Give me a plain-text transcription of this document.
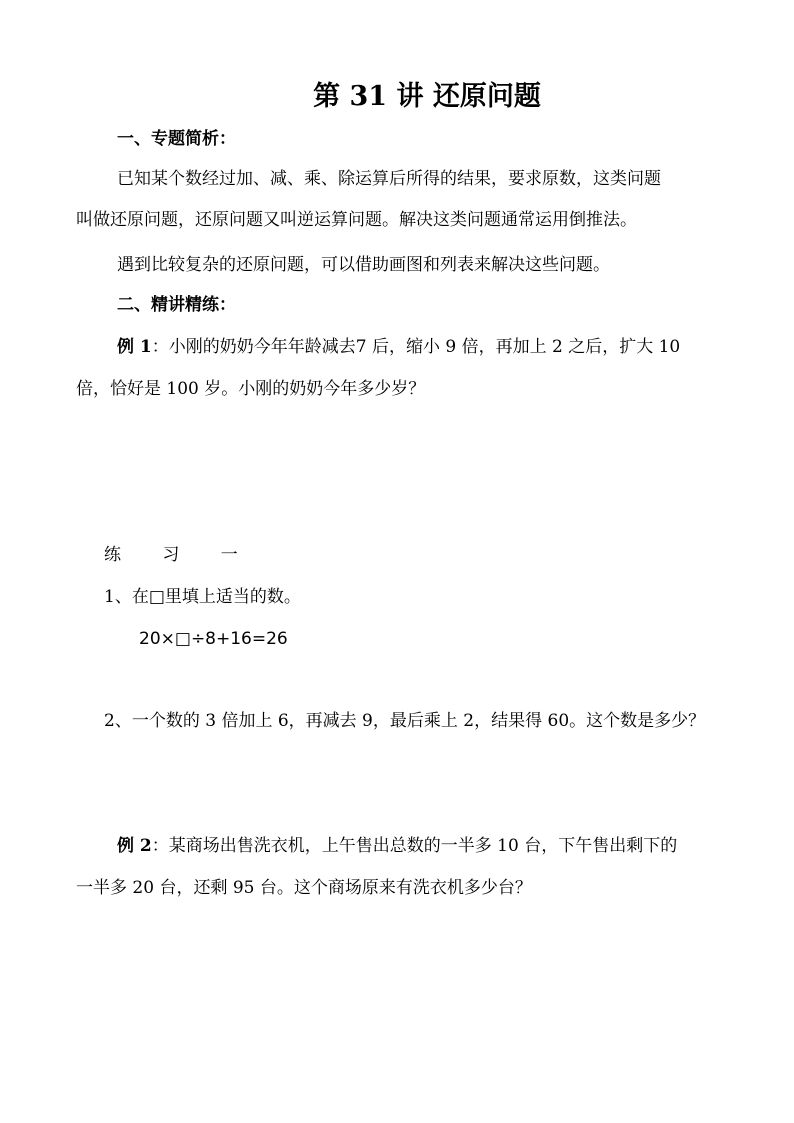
第 31 讲 还原问题
一、专题简析：
已知某个数经过加、减、乘、除运算后所得的结果，要求原数，这类问题
叫做还原问题，还原问题又叫逆运算问题。解决这类问题通常运用倒推法。
遇到比较复杂的还原问题，可以借助画图和列表来解决这些问题。
二、精讲精练：
例 1：小刚的奶奶今年年龄减去7 后，缩小 9 倍，再加上 2 之后，扩大 10
倍，恰好是 100 岁。小刚的奶奶今年多少岁？
练 习 一
1、在□里填上适当的数。
20×□÷8+16=26
2、一个数的 3 倍加上 6，再减去 9，最后乘上 2，结果得 60。这个数是多少？
例 2：某商场出售洗衣机，上午售出总数的一半多 10 台，下午售出剩下的
一半多 20 台，还剩 95 台。这个商场原来有洗衣机多少台？
